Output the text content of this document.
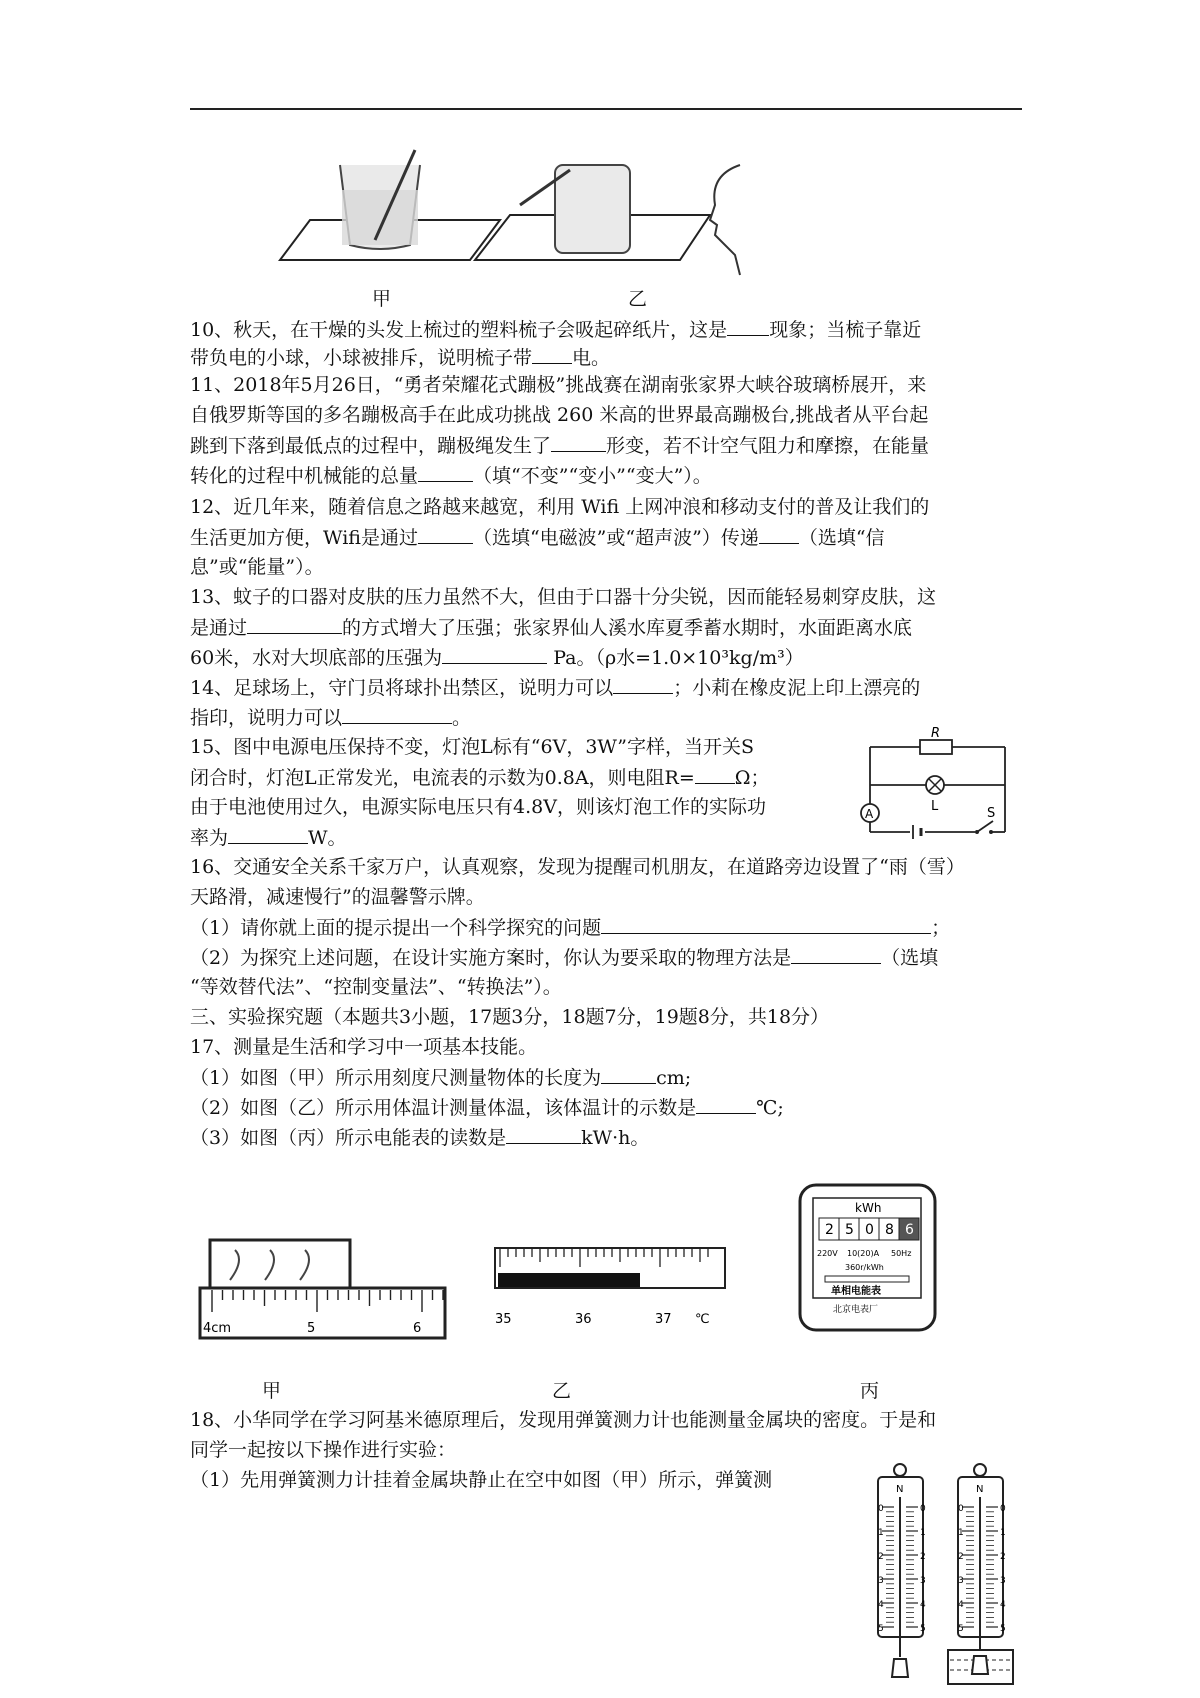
甲	乙
10、秋天，在干燥的头发上梳过的塑料梳子会吸起碎纸片，这是 现象；当梳子靠近
带负电的小球，小球被排斥，说明梳子带 电。
11、2018年5月26日，“勇者荣耀花式蹦极”挑战赛在湖南张家界大峡谷玻璃桥展开，来
自俄罗斯等国的多名蹦极高手在此成功挑战 260 米高的世界最高蹦极台,挑战者从平台起
跳到下落到最低点的过程中，蹦极绳发生了	形变，若不计空气阻力和摩擦，在能量
转化的过程中机械能的总量	（填“不变”“变小”“变大”）。
12、近几年来，随着信息之路越来越宽，利用 Wifi 上网冲浪和移动支付的普及让我们的
生活更加方便，Wifi是通过	（选填“电磁波”或“超声波”）传递 （选填“信
息”或“能量”）。
13、蚊子的口器对皮肤的压力虽然不大，但由于口器十分尖锐，因而能轻易刺穿皮肤，这
是通过	的方式增大了压强；张家界仙人溪水库夏季蓄水期时，水面距离水底
60米，水对大坝底部的压强为	Pa。（ρ水=1.0×10³kg/m³）
14、足球场上，守门员将球扑出禁区，说明力可以	；小莉在橡皮泥上印上漂亮的
指印，说明力可以	。
R
L
A	S
15、图中电源电压保持不变，灯泡L标有“6V，3W”字样，当开关S
闭合时，灯泡L正常发光，电流表的示数为0.8A，则电阻R= Ω；
由于电池使用过久，电源实际电压只有4.8V，则该灯泡工作的实际功
率为	W。
16、交通安全关系千家万户，认真观察，发现为提醒司机朋友，在道路旁边设置了“雨（雪）
天路滑，减速慢行”的温馨警示牌。
（1）请你就上面的提示提出一个科学探究的问题	；
（2）为探究上述问题，在设计实施方案时，你认为要采取的物理方法是	（选填
“等效替代法”、“控制变量法”、“转换法”）。
三、实验探究题（本题共3小题，17题3分，18题7分，19题8分，共18分）
17、测量是生活和学习中一项基本技能。
（1）如图（甲）所示用刻度尺测量物体的长度为	cm;
（2）如图（乙）所示用体温计测量体温，该体温计的示数是	℃;
（3）如图（丙）所示电能表的读数是	kW·h。
4cm	5	6
35	36	37 ℃
kWh
2 5 0 8 6
220V 10(20)A 50Hz
360r/kWh
单相电能表
北京电表厂
甲	乙	丙
18、小华同学在学习阿基米德原理后，发现用弹簧测力计也能测量金属块的密度。于是和
同学一起按以下操作进行实验：
（1）先用弹簧测力计挂着金属块静止在空中如图（甲）所示，弹簧测	N
0	0
1	1
2	2
3	3
4	4
5	5
N
0	0
1	1
2	2
3	3
4	4
5	5
